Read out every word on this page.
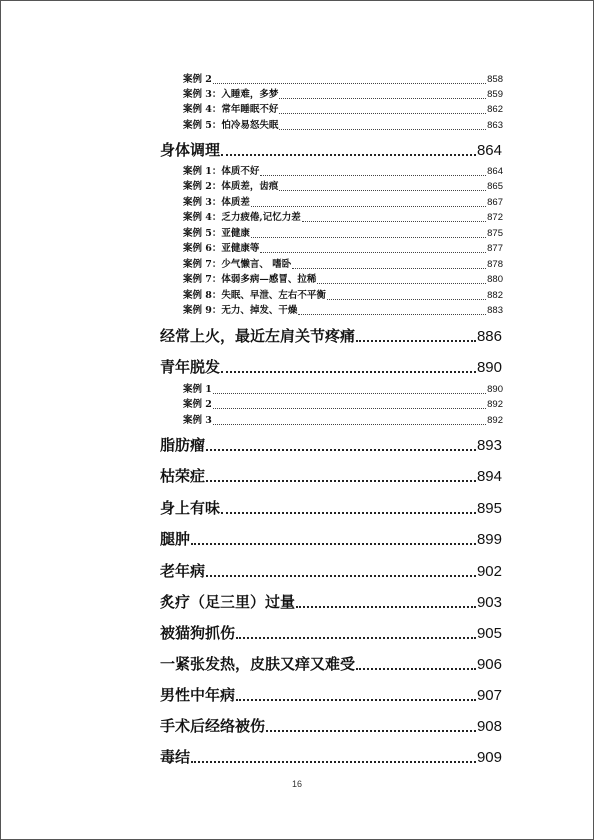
案例 2	858
案例 3：入睡难，多梦	859
案例 4：常年睡眠不好	862
案例 5：怕冷易怒失眠	863
身体调理	864
案例 1：体质不好	864
案例 2：体质差，齿痕	865
案例 3：体质差	867
案例 4：乏力疲倦,记忆力差	872
案例 5：亚健康	875
案例 6：亚健康等	877
案例 7：少气懒言、 嗜卧	878
案例 7：体弱多病—感冒、拉稀	880
案例 8：失眠、早泄、左右不平衡	882
案例 9：无力、掉发、干燥	883
经常上火，最近左肩关节疼痛	886
青年脱发	890
案例 1	890
案例 2	892
案例 3	892
脂肪瘤	893
枯荣症	894
身上有味	895
腿肿	899
老年病	902
炙疗（足三里）过量	903
被猫狗抓伤	905
一紧张发热，皮肤又痒又难受	906
男性中年病	907
手术后经络被伤	908
毒结	909
16
